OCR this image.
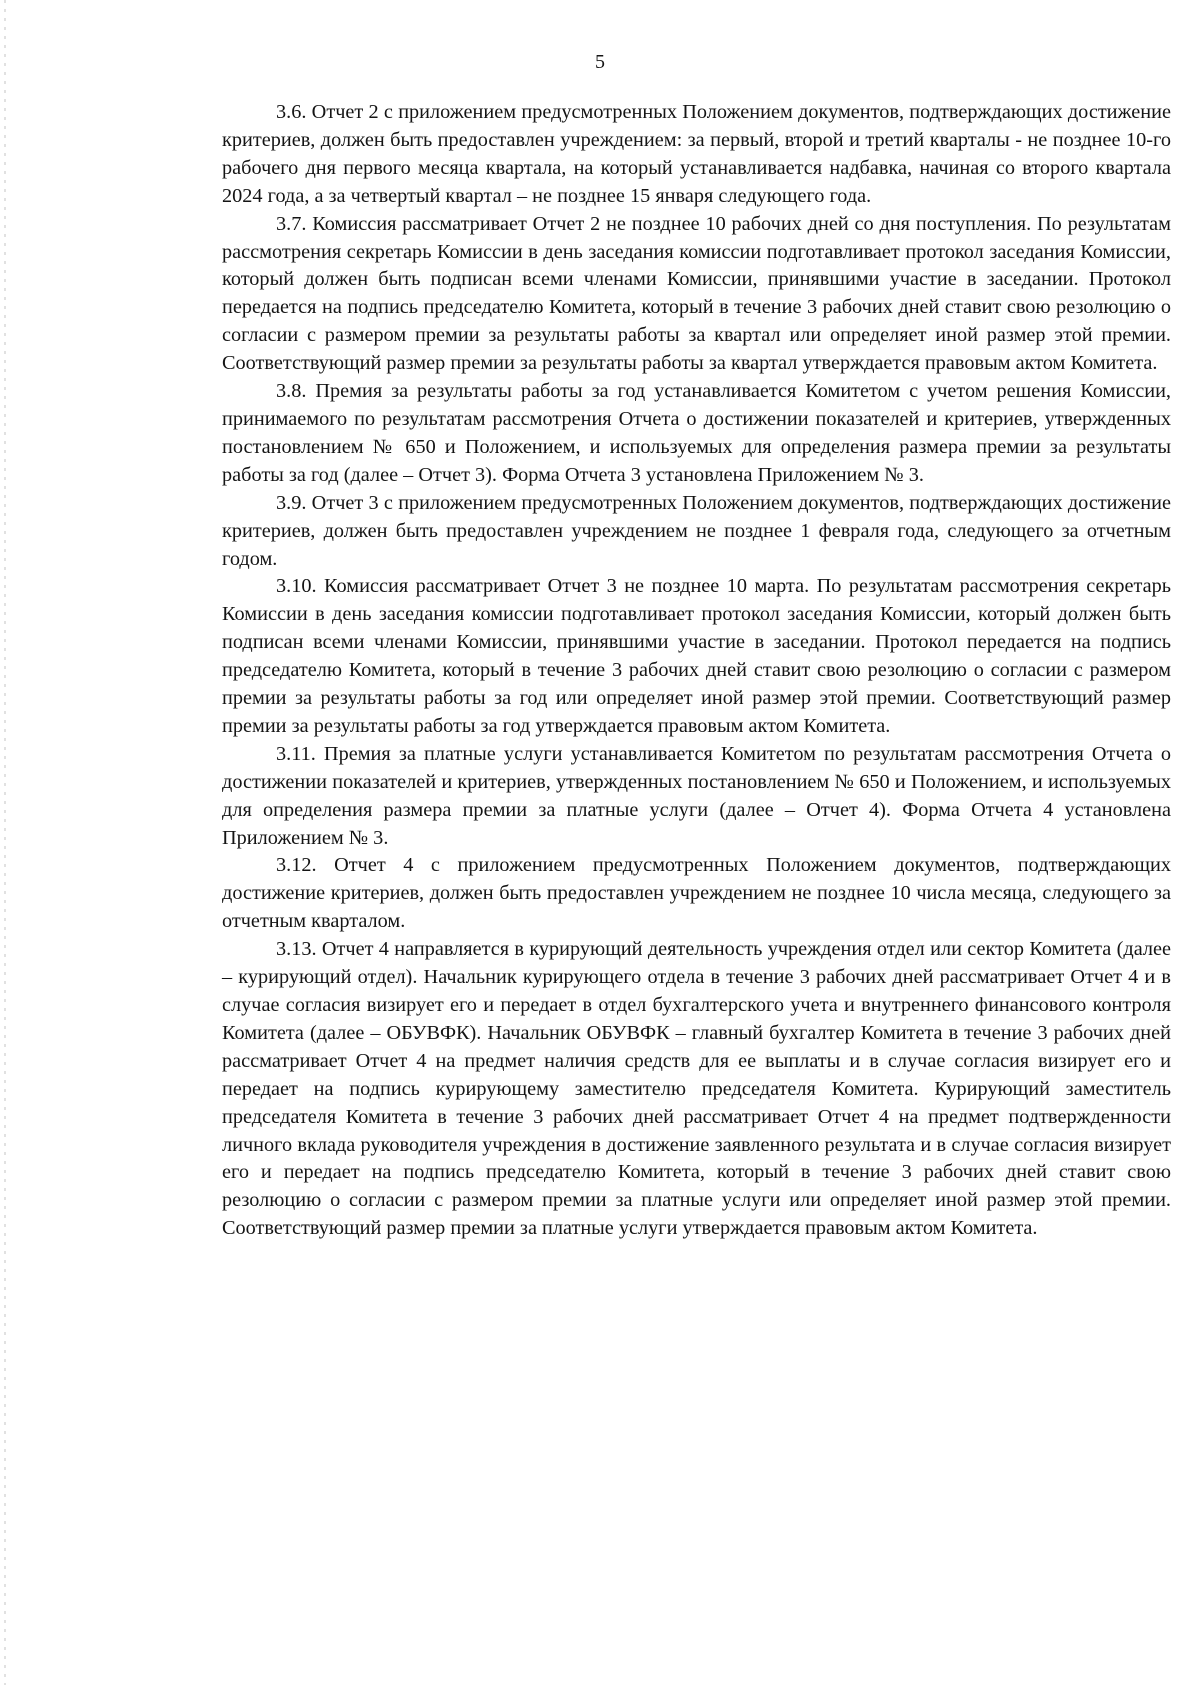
5

3.6. Отчет 2 с приложением предусмотренных Положением документов, подтверждающих достижение критериев, должен быть предоставлен учреждением: за первый, второй и третий кварталы - не позднее 10-го рабочего дня первого месяца квартала, на который устанавливается надбавка, начиная со второго квартала 2024 года, а за четвертый квартал – не позднее 15 января следующего года.

3.7. Комиссия рассматривает Отчет 2 не позднее 10 рабочих дней со дня поступления. По результатам рассмотрения секретарь Комиссии в день заседания комиссии подготавливает протокол заседания Комиссии, который должен быть подписан всеми членами Комиссии, принявшими участие в заседании. Протокол передается на подпись председателю Комитета, который в течение 3 рабочих дней ставит свою резолюцию о согласии с размером премии за результаты работы за квартал или определяет иной размер этой премии. Соответствующий размер премии за результаты работы за квартал утверждается правовым актом Комитета.

3.8. Премия за результаты работы за год устанавливается Комитетом с учетом решения Комиссии, принимаемого по результатам рассмотрения Отчета о достижении показателей и критериев, утвержденных постановлением № 650 и Положением, и используемых для определения размера премии за результаты работы за год (далее – Отчет 3). Форма Отчета 3 установлена Приложением № 3.

3.9. Отчет 3 с приложением предусмотренных Положением документов, подтверждающих достижение критериев, должен быть предоставлен учреждением не позднее 1 февраля года, следующего за отчетным годом.

3.10. Комиссия рассматривает Отчет 3 не позднее 10 марта. По результатам рассмотрения секретарь Комиссии в день заседания комиссии подготавливает протокол заседания Комиссии, который должен быть подписан всеми членами Комиссии, принявшими участие в заседании. Протокол передается на подпись председателю Комитета, который в течение 3 рабочих дней ставит свою резолюцию о согласии с размером премии за результаты работы за год или определяет иной размер этой премии. Соответствующий размер премии за результаты работы за год утверждается правовым актом Комитета.

3.11. Премия за платные услуги устанавливается Комитетом по результатам рассмотрения Отчета о достижении показателей и критериев, утвержденных постановлением № 650 и Положением, и используемых для определения размера премии за платные услуги (далее – Отчет 4). Форма Отчета 4 установлена Приложением № 3.

3.12. Отчет 4 с приложением предусмотренных Положением документов, подтверждающих достижение критериев, должен быть предоставлен учреждением не позднее 10 числа месяца, следующего за отчетным кварталом.

3.13. Отчет 4 направляется в курирующий деятельность учреждения отдел или сектор Комитета (далее – курирующий отдел). Начальник курирующего отдела в течение 3 рабочих дней рассматривает Отчет 4 и в случае согласия визирует его и передает в отдел бухгалтерского учета и внутреннего финансового контроля Комитета (далее – ОБУВФК). Начальник ОБУВФК – главный бухгалтер Комитета в течение 3 рабочих дней рассматривает Отчет 4 на предмет наличия средств для ее выплаты и в случае согласия визирует его и передает на подпись курирующему заместителю председателя Комитета. Курирующий заместитель председателя Комитета в течение 3 рабочих дней рассматривает Отчет 4 на предмет подтвержденности личного вклада руководителя учреждения в достижение заявленного результата и в случае согласия визирует его и передает на подпись председателю Комитета, который в течение 3 рабочих дней ставит свою резолюцию о согласии с размером премии за платные услуги или определяет иной размер этой премии. Соответствующий размер премии за платные услуги утверждается правовым актом Комитета.
